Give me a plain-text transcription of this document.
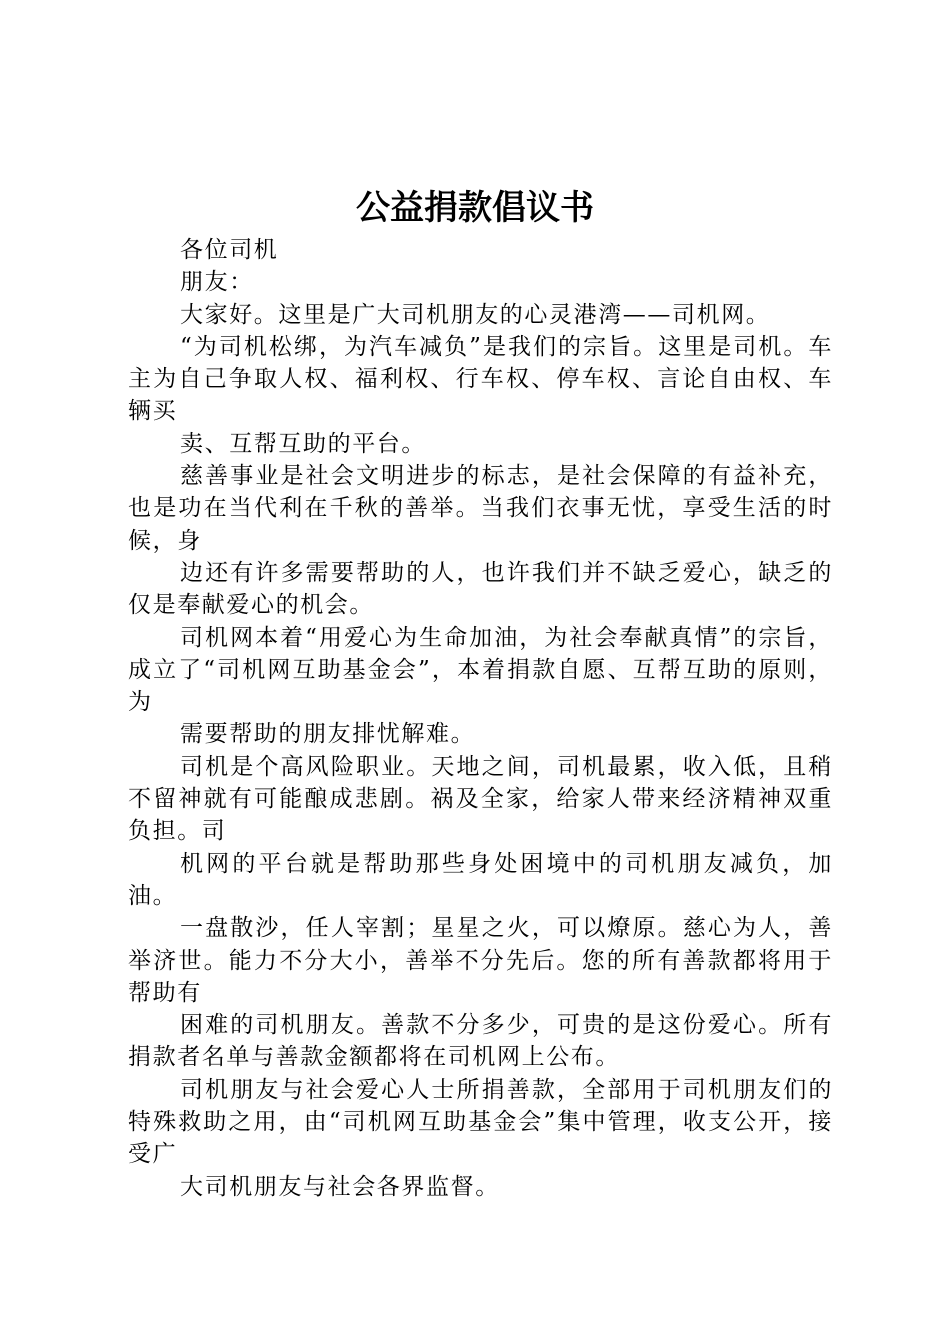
公益捐款倡议书

各位司机

朋友：

大家好。这里是广大司机朋友的心灵港湾——司机网。

“为司机松绑，为汽车减负”是我们的宗旨。这里是司机。车主为自己争取人权、福利权、行车权、停车权、言论自由权、车辆买

卖、互帮互助的平台。

慈善事业是社会文明进步的标志，是社会保障的有益补充，也是功在当代利在千秋的善举。当我们衣事无忧，享受生活的时候，身

边还有许多需要帮助的人，也许我们并不缺乏爱心，缺乏的仅是奉献爱心的机会。

司机网本着“用爱心为生命加油，为社会奉献真情”的宗旨，成立了“司机网互助基金会”，本着捐款自愿、互帮互助的原则，为

需要帮助的朋友排忧解难。

司机是个高风险职业。天地之间，司机最累，收入低，且稍不留神就有可能酿成悲剧。祸及全家，给家人带来经济精神双重负担。司

机网的平台就是帮助那些身处困境中的司机朋友减负，加油。

一盘散沙，任人宰割；星星之火，可以燎原。慈心为人，善举济世。能力不分大小，善举不分先后。您的所有善款都将用于帮助有

困难的司机朋友。善款不分多少，可贵的是这份爱心。所有捐款者名单与善款金额都将在司机网上公布。

司机朋友与社会爱心人士所捐善款，全部用于司机朋友们的特殊救助之用，由“司机网互助基金会”集中管理，收支公开，接受广

大司机朋友与社会各界监督。
